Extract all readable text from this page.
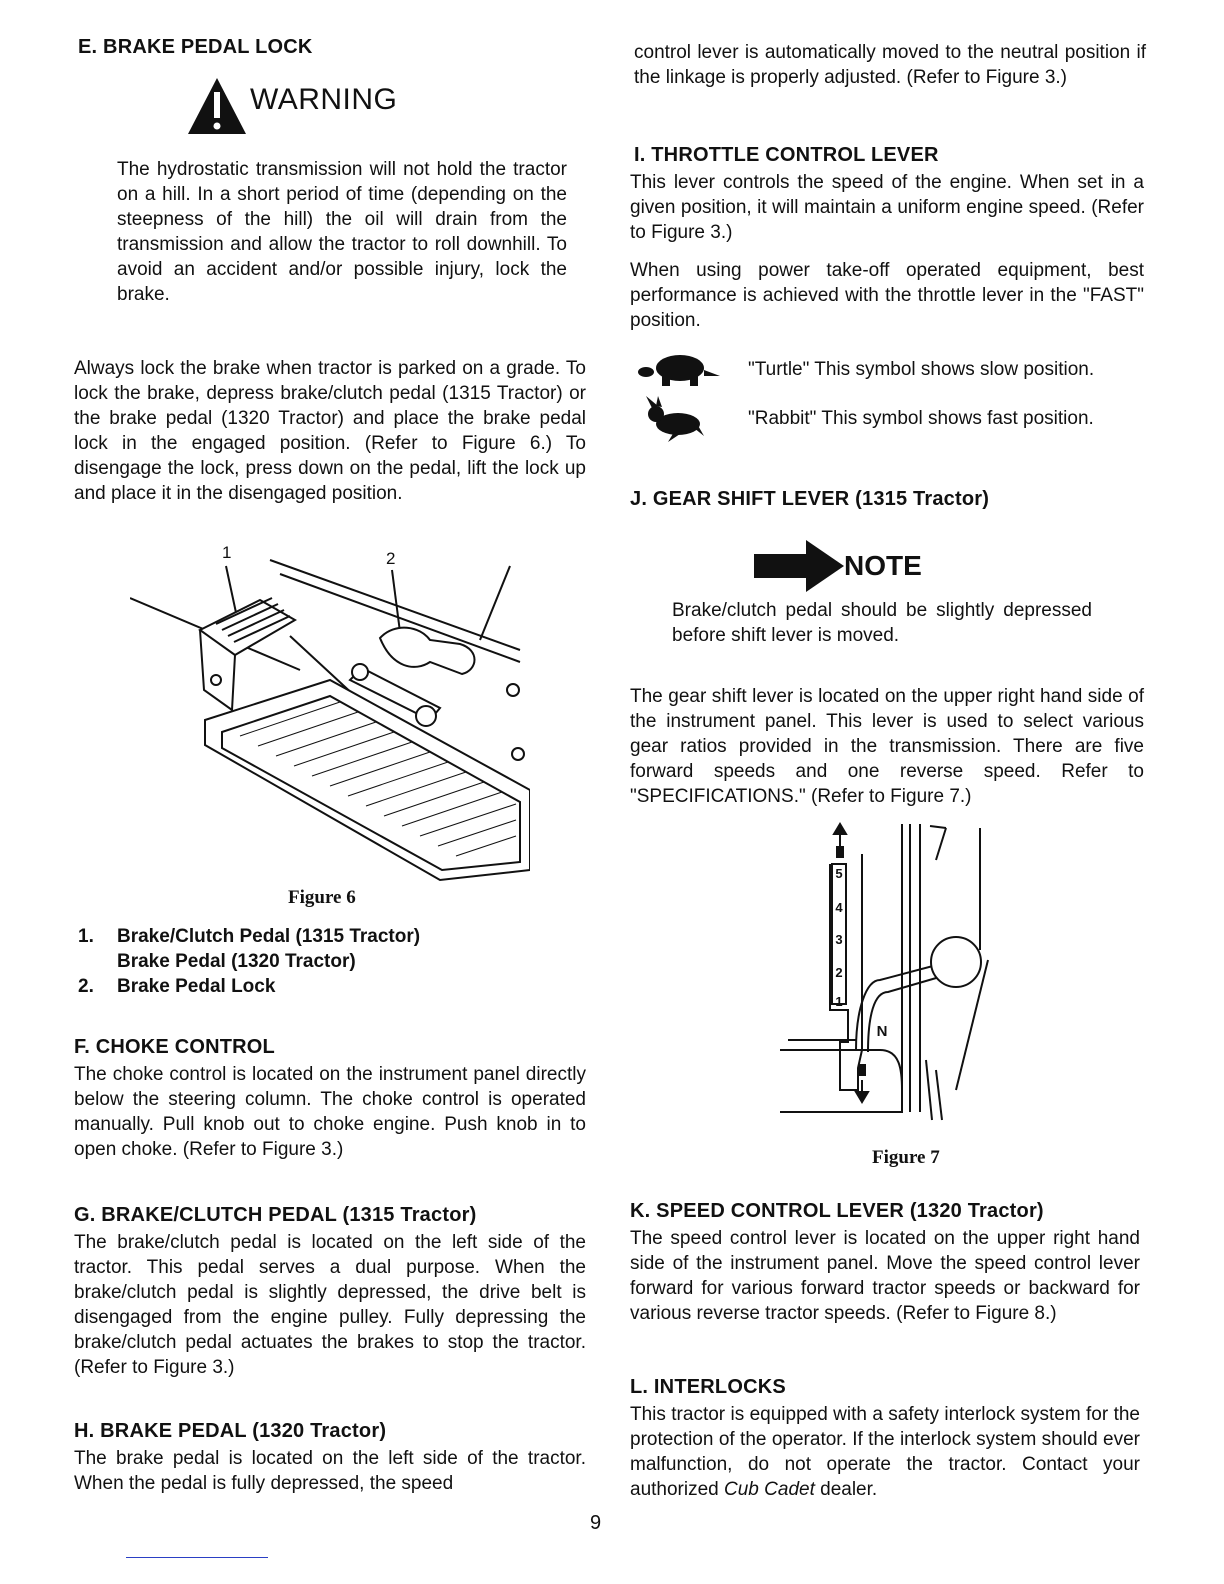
E. BRAKE PEDAL LOCK
WARNING

The hydrostatic transmission will not hold the tractor on a hill. In a short period of time (depending on the steepness of the hill) the oil will drain from the transmission and allow the tractor to roll downhill. To avoid an accident and/or possible injury, lock the brake.

Always lock the brake when tractor is parked on a grade. To lock the brake, depress brake/clutch pedal (1315 Tractor) or the brake pedal (1320 Tractor) and place the brake pedal lock in the engaged position. (Refer to Figure 6.) To disengage the lock, press down on the pedal, lift the lock up and place it in the disengaged position.

1	2
Figure 6
1. Brake/Clutch Pedal (1315 Tractor)
Brake Pedal (1320 Tractor)
2. Brake Pedal Lock
F. CHOKE CONTROL

The choke control is located on the instrument panel directly below the steering column. The choke control is operated manually. Pull knob out to choke engine. Push knob in to open choke. (Refer to Figure 3.)

G. BRAKE/CLUTCH PEDAL (1315 Tractor)

The brake/clutch pedal is located on the left side of the tractor. This pedal serves a dual purpose. When the brake/clutch pedal is slightly depressed, the drive belt is disengaged from the engine pulley. Fully depressing the brake/clutch pedal actuates the brakes to stop the tractor. (Refer to Figure 3.)

H. BRAKE PEDAL (1320 Tractor)

The brake pedal is located on the left side of the tractor. When the pedal is fully depressed, the speed

control lever is automatically moved to the neutral position if the linkage is properly adjusted. (Refer to Figure 3.)

I. THROTTLE CONTROL LEVER

This lever controls the speed of the engine. When set in a given position, it will maintain a uniform engine speed. (Refer to Figure 3.)

When using power take-off operated equipment, best performance is achieved with the throttle lever in the "FAST" position.

"Turtle" This symbol shows slow position.
"Rabbit" This symbol shows fast position.
J. GEAR SHIFT LEVER (1315 Tractor)
NOTE

Brake/clutch pedal should be slightly depressed before shift lever is moved.

The gear shift lever is located on the upper right hand side of the instrument panel. This lever is used to select various gear ratios provided in the transmission. There are five forward speeds and one reverse speed. Refer to "SPECIFICATIONS." (Refer to Figure 7.)

5
4
3
2
1
N
Figure 7
K. SPEED CONTROL LEVER (1320 Tractor)

The speed control lever is located on the upper right hand side of the instrument panel. Move the speed control lever forward for various forward tractor speeds or backward for various reverse tractor speeds. (Refer to Figure 8.)

L. INTERLOCKS

This tractor is equipped with a safety interlock system for the protection of the operator. If the interlock system should ever malfunction, do not operate the tractor. Contact your authorized Cub Cadet dealer.

9
